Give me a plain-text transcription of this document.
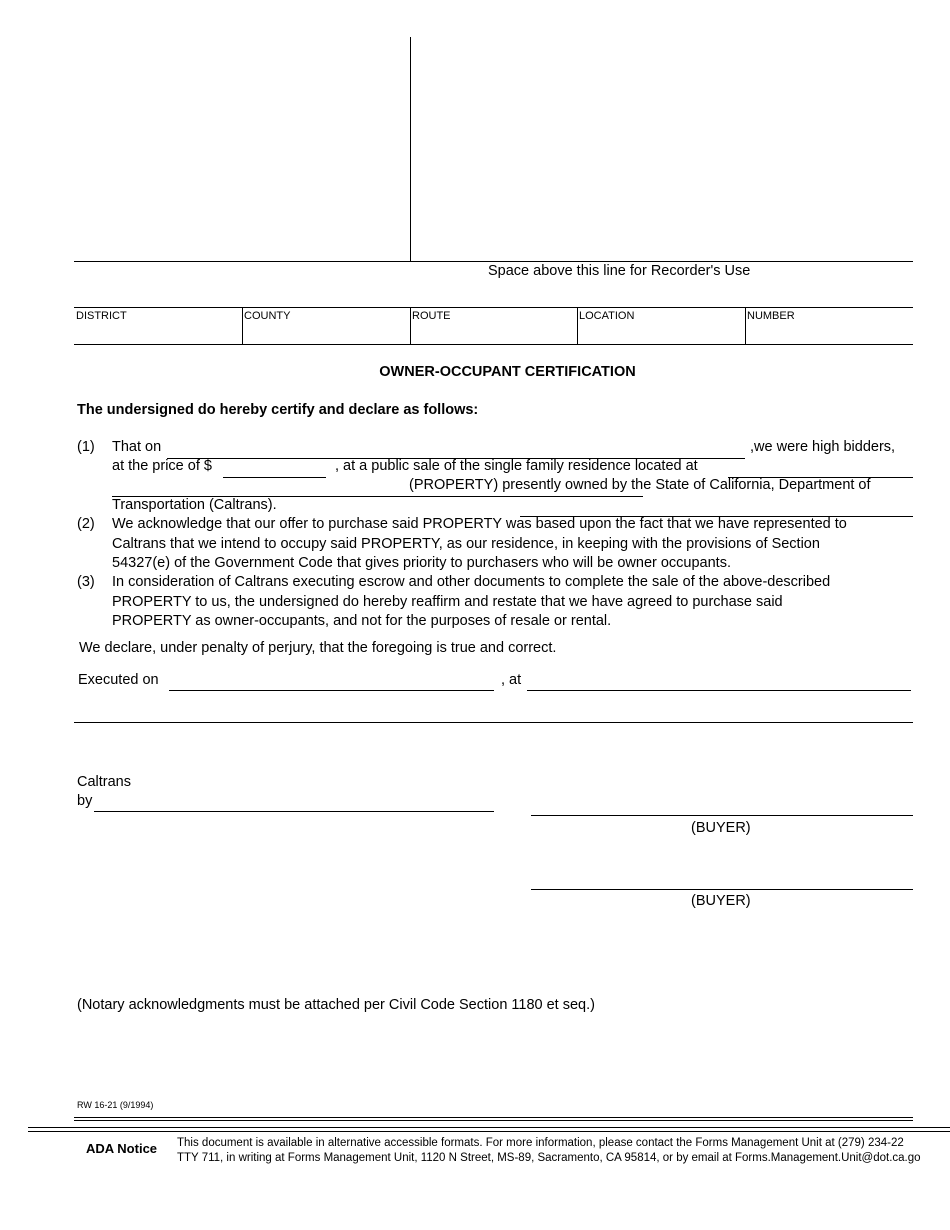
Space above this line for Recorder's Use
DISTRICT	COUNTY	ROUTE	LOCATION	NUMBER
OWNER-OCCUPANT CERTIFICATION
The undersigned do hereby certify and declare as follows:
(1) That on	,we were high bidders,
at the price of $	, at a public sale of the single family residence located at
(PROPERTY) presently owned by the State of California, Department of
Transportation (Caltrans).
(2) We acknowledge that our offer to purchase said PROPERTY was based upon the fact that we have represented to
Caltrans that we intend to occupy said PROPERTY, as our residence, in keeping with the provisions of Section
54327(e) of the Government Code that gives priority to purchasers who will be owner occupants.
(3) In consideration of Caltrans executing escrow and other documents to complete the sale of the above-described
PROPERTY to us, the undersigned do hereby reaffirm and restate that we have agreed to purchase said
PROPERTY as owner-occupants, and not for the purposes of resale or rental.
We declare, under penalty of perjury, that the foregoing is true and correct.
Executed on	, at
Caltrans
by
(BUYER)
(BUYER)
(Notary acknowledgments must be attached per Civil Code Section 1180 et seq.)
RW 16-21 (9/1994)
ADA Notice This document is available in alternative accessible formats. For more information, please contact the Forms Management Unit at (279) 234-22
TTY 711, in writing at Forms Management Unit, 1120 N Street, MS-89, Sacramento, CA 95814, or by email at Forms.Management.Unit@dot.ca.go
